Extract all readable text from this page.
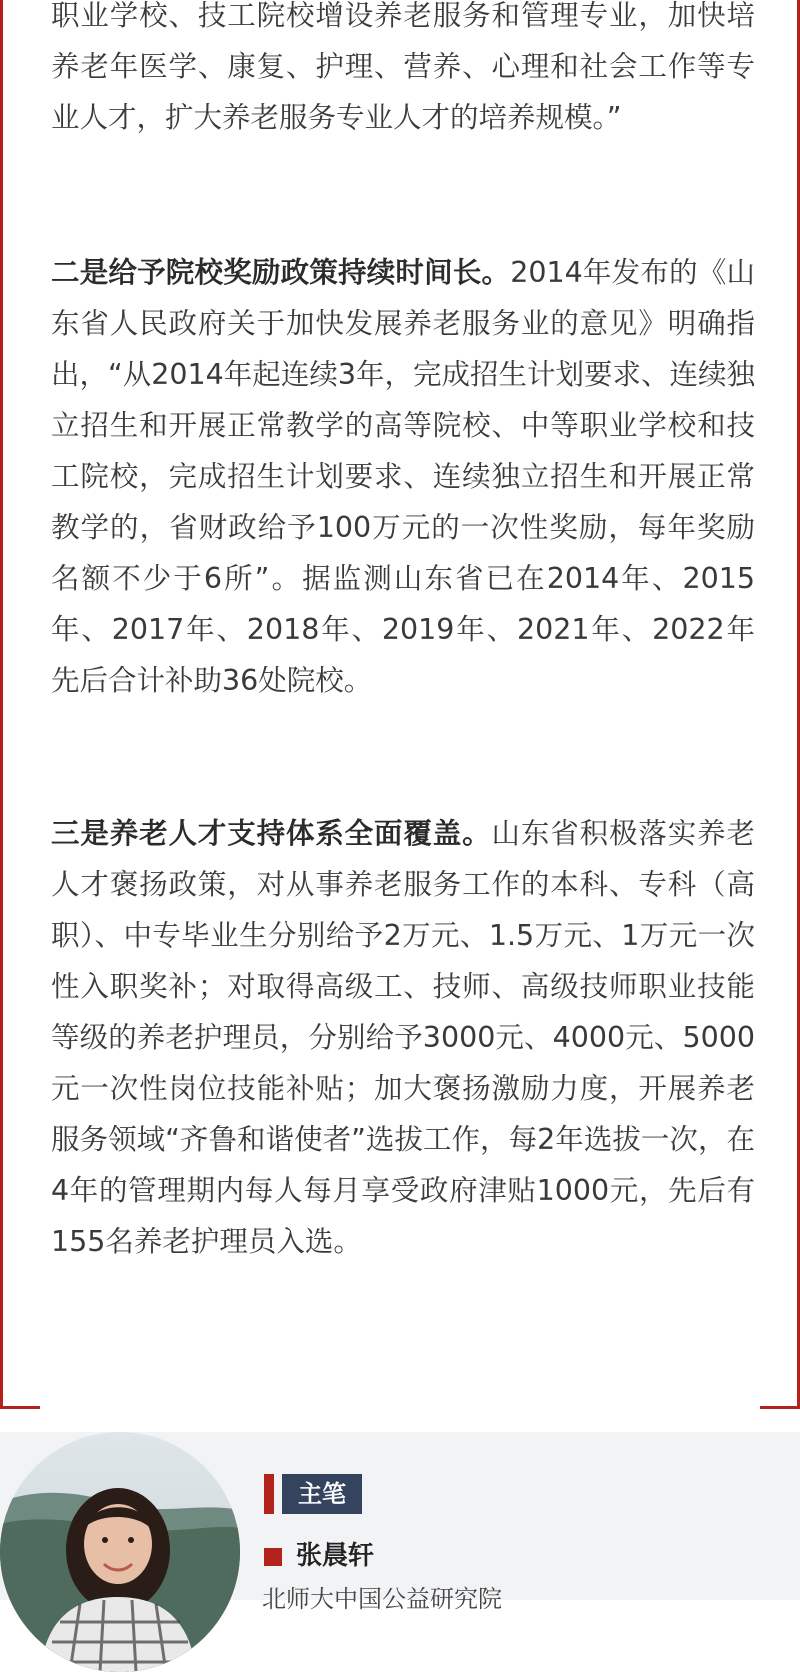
职业学校、技工院校增设养老服务和管理专业，加快培养老年医学、康复、护理、营养、心理和社会工作等专业人才，扩大养老服务专业人才的培养规模。”

二是给予院校奖励政策持续时间长。2014年发布的《山东省人民政府关于加快发展养老服务业的意见》明确指出，“从2014年起连续3年，完成招生计划要求、连续独立招生和开展正常教学的高等院校、中等职业学校和技工院校，完成招生计划要求、连续独立招生和开展正常教学的，省财政给予100万元的一次性奖励，每年奖励名额不少于6所”。据监测山东省已在2014年、2015年、2017年、2018年、2019年、2021年、2022年先后合计补助36处院校。

三是养老人才支持体系全面覆盖。山东省积极落实养老人才褒扬政策，对从事养老服务工作的本科、专科（高职）、中专毕业生分别给予2万元、1.5万元、1万元一次性入职奖补；对取得高级工、技师、高级技师职业技能等级的养老护理员，分别给予3000元、4000元、5000元一次性岗位技能补贴；加大褒扬激励力度，开展养老服务领域“齐鲁和谐使者”选拔工作，每2年选拔一次，在4年的管理期内每人每月享受政府津贴1000元，先后有155名养老护理员入选。

主笔
张晨轩
北师大中国公益研究院
